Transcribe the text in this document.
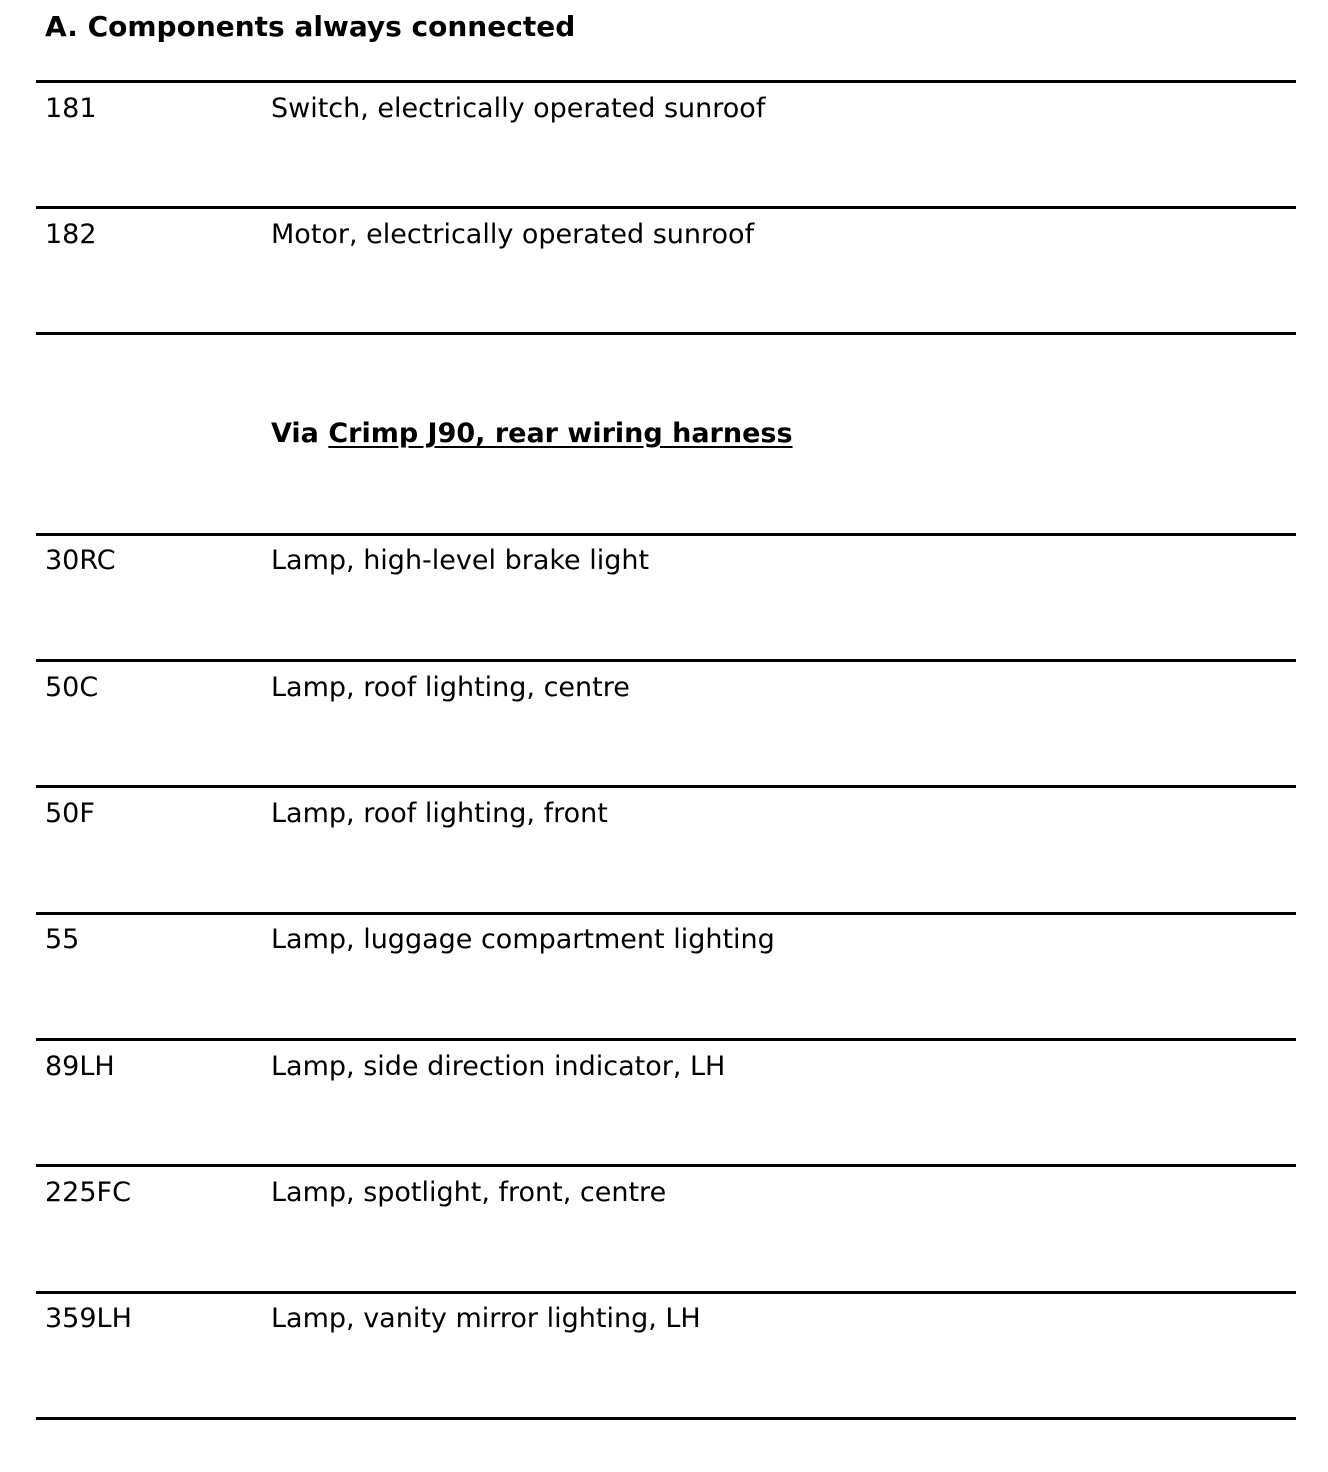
A. Components always connected
181	Switch, electrically operated sunroof
182	Motor, electrically operated sunroof
Via Crimp J90, rear wiring harness
30RC	Lamp, high-level brake light
50C	Lamp, roof lighting, centre
50F	Lamp, roof lighting, front
55	Lamp, luggage compartment lighting
89LH	Lamp, side direction indicator, LH
225FC	Lamp, spotlight, front, centre
359LH	Lamp, vanity mirror lighting, LH
